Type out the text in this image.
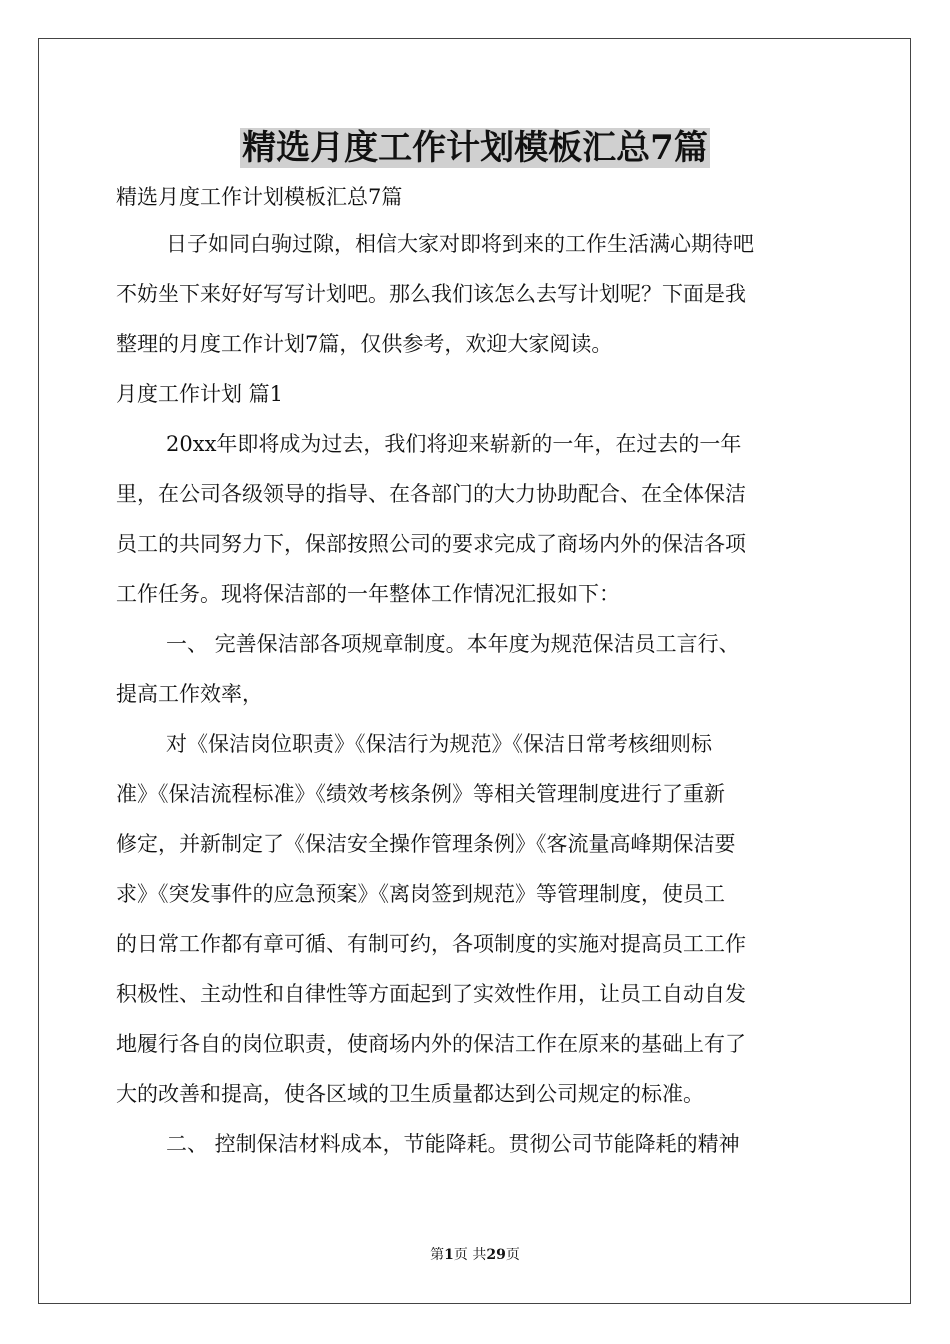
精选月度工作计划模板汇总7篇
精选月度工作计划模板汇总7篇
日子如同白驹过隙，相信大家对即将到来的工作生活满心期待吧
不妨坐下来好好写写计划吧。那么我们该怎么去写计划呢？下面是我
整理的月度工作计划7篇，仅供参考，欢迎大家阅读。
月度工作计划 篇1
20xx年即将成为过去，我们将迎来崭新的一年，在过去的一年
里，在公司各级领导的指导、在各部门的大力协助配合、在全体保洁
员工的共同努力下，保部按照公司的要求完成了商场内外的保洁各项
工作任务。现将保洁部的一年整体工作情况汇报如下：
一、 完善保洁部各项规章制度。本年度为规范保洁员工言行、
提高工作效率，
对《保洁岗位职责》《保洁行为规范》《保洁日常考核细则标
准》《保洁流程标准》《绩效考核条例》等相关管理制度进行了重新
修定，并新制定了《保洁安全操作管理条例》《客流量高峰期保洁要
求》《突发事件的应急预案》《离岗签到规范》等管理制度，使员工
的日常工作都有章可循、有制可约，各项制度的实施对提高员工工作
积极性、主动性和自律性等方面起到了实效性作用，让员工自动自发
地履行各自的岗位职责，使商场内外的保洁工作在原来的基础上有了
大的改善和提高，使各区域的卫生质量都达到公司规定的标准。
二、 控制保洁材料成本，节能降耗。贯彻公司节能降耗的精神
第1页 共29页
